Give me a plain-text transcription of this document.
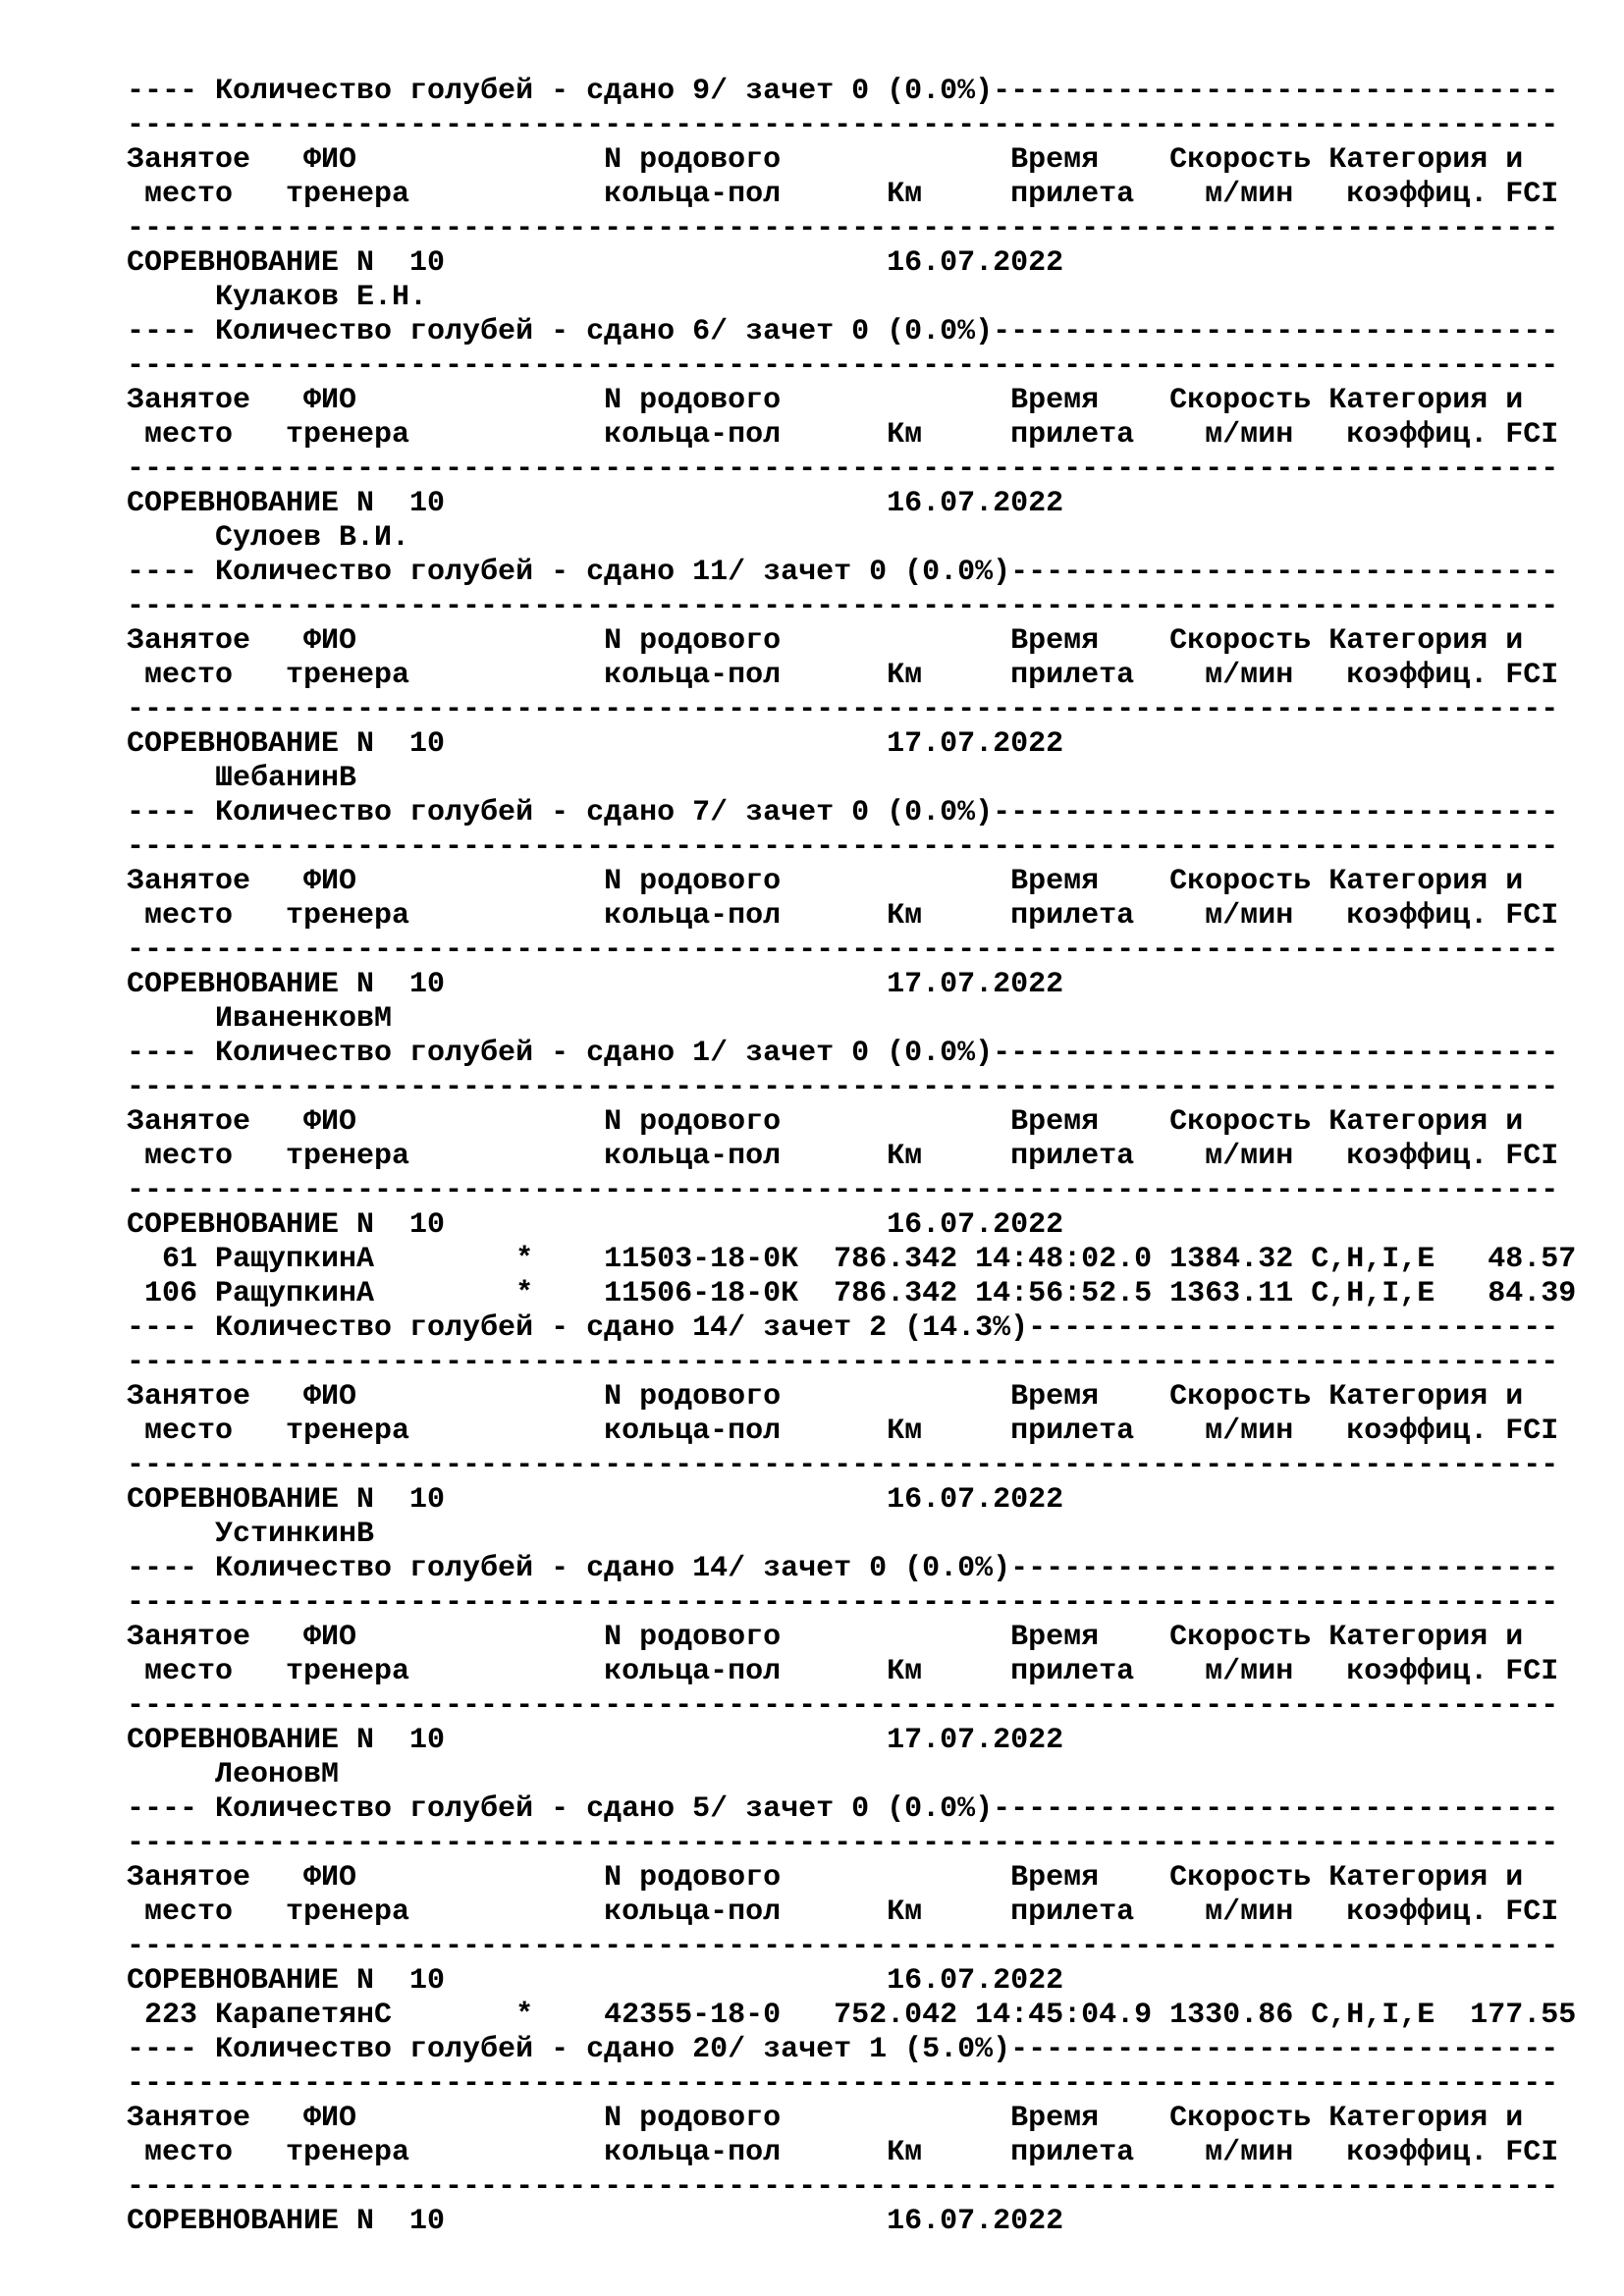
---- Количество голубей - сдано 9/ зачет 0 (0.0%)--------------------------------
---------------------------------------------------------------------------------
Занятое   ФИО              N родового             Время    Скорость Категория и
место   тренера           кольца-пол      Км     прилета    м/мин   коэффиц. FCI
---------------------------------------------------------------------------------
СОРЕВНОВАНИЕ N  10                         16.07.2022
Кулаков Е.Н.
---- Количество голубей - сдано 6/ зачет 0 (0.0%)--------------------------------
---------------------------------------------------------------------------------
Занятое   ФИО              N родового             Время    Скорость Категория и
место   тренера           кольца-пол      Км     прилета    м/мин   коэффиц. FCI
---------------------------------------------------------------------------------
СОРЕВНОВАНИЕ N  10                         16.07.2022
Сулоев В.И.
---- Количество голубей - сдано 11/ зачет 0 (0.0%)-------------------------------
---------------------------------------------------------------------------------
Занятое   ФИО              N родового             Время    Скорость Категория и
место   тренера           кольца-пол      Км     прилета    м/мин   коэффиц. FCI
---------------------------------------------------------------------------------
СОРЕВНОВАНИЕ N  10                         17.07.2022
ШебанинВ
---- Количество голубей - сдано 7/ зачет 0 (0.0%)--------------------------------
---------------------------------------------------------------------------------
Занятое   ФИО              N родового             Время    Скорость Категория и
место   тренера           кольца-пол      Км     прилета    м/мин   коэффиц. FCI
---------------------------------------------------------------------------------
СОРЕВНОВАНИЕ N  10                         17.07.2022
ИваненковМ
---- Количество голубей - сдано 1/ зачет 0 (0.0%)--------------------------------
---------------------------------------------------------------------------------
Занятое   ФИО              N родового             Время    Скорость Категория и
место   тренера           кольца-пол      Км     прилета    м/мин   коэффиц. FCI
---------------------------------------------------------------------------------
СОРЕВНОВАНИЕ N  10                         16.07.2022
61 РащупкинА        *    11503-18-0К  786.342 14:48:02.0 1384.32 C,H,I,E   48.57
106 РащупкинА        *    11506-18-0К  786.342 14:56:52.5 1363.11 C,H,I,E   84.39
---- Количество голубей - сдано 14/ зачет 2 (14.3%)------------------------------
---------------------------------------------------------------------------------
Занятое   ФИО              N родового             Время    Скорость Категория и
место   тренера           кольца-пол      Км     прилета    м/мин   коэффиц. FCI
---------------------------------------------------------------------------------
СОРЕВНОВАНИЕ N  10                         16.07.2022
УстинкинВ
---- Количество голубей - сдано 14/ зачет 0 (0.0%)-------------------------------
---------------------------------------------------------------------------------
Занятое   ФИО              N родового             Время    Скорость Категория и
место   тренера           кольца-пол      Км     прилета    м/мин   коэффиц. FCI
---------------------------------------------------------------------------------
СОРЕВНОВАНИЕ N  10                         17.07.2022
ЛеоновМ
---- Количество голубей - сдано 5/ зачет 0 (0.0%)--------------------------------
---------------------------------------------------------------------------------
Занятое   ФИО              N родового             Время    Скорость Категория и
место   тренера           кольца-пол      Км     прилета    м/мин   коэффиц. FCI
---------------------------------------------------------------------------------
СОРЕВНОВАНИЕ N  10                         16.07.2022
223 КарапетянС       *    42355-18-0   752.042 14:45:04.9 1330.86 C,H,I,E  177.55
---- Количество голубей - сдано 20/ зачет 1 (5.0%)-------------------------------
---------------------------------------------------------------------------------
Занятое   ФИО              N родового             Время    Скорость Категория и
место   тренера           кольца-пол      Км     прилета    м/мин   коэффиц. FCI
---------------------------------------------------------------------------------
СОРЕВНОВАНИЕ N  10                         16.07.2022
